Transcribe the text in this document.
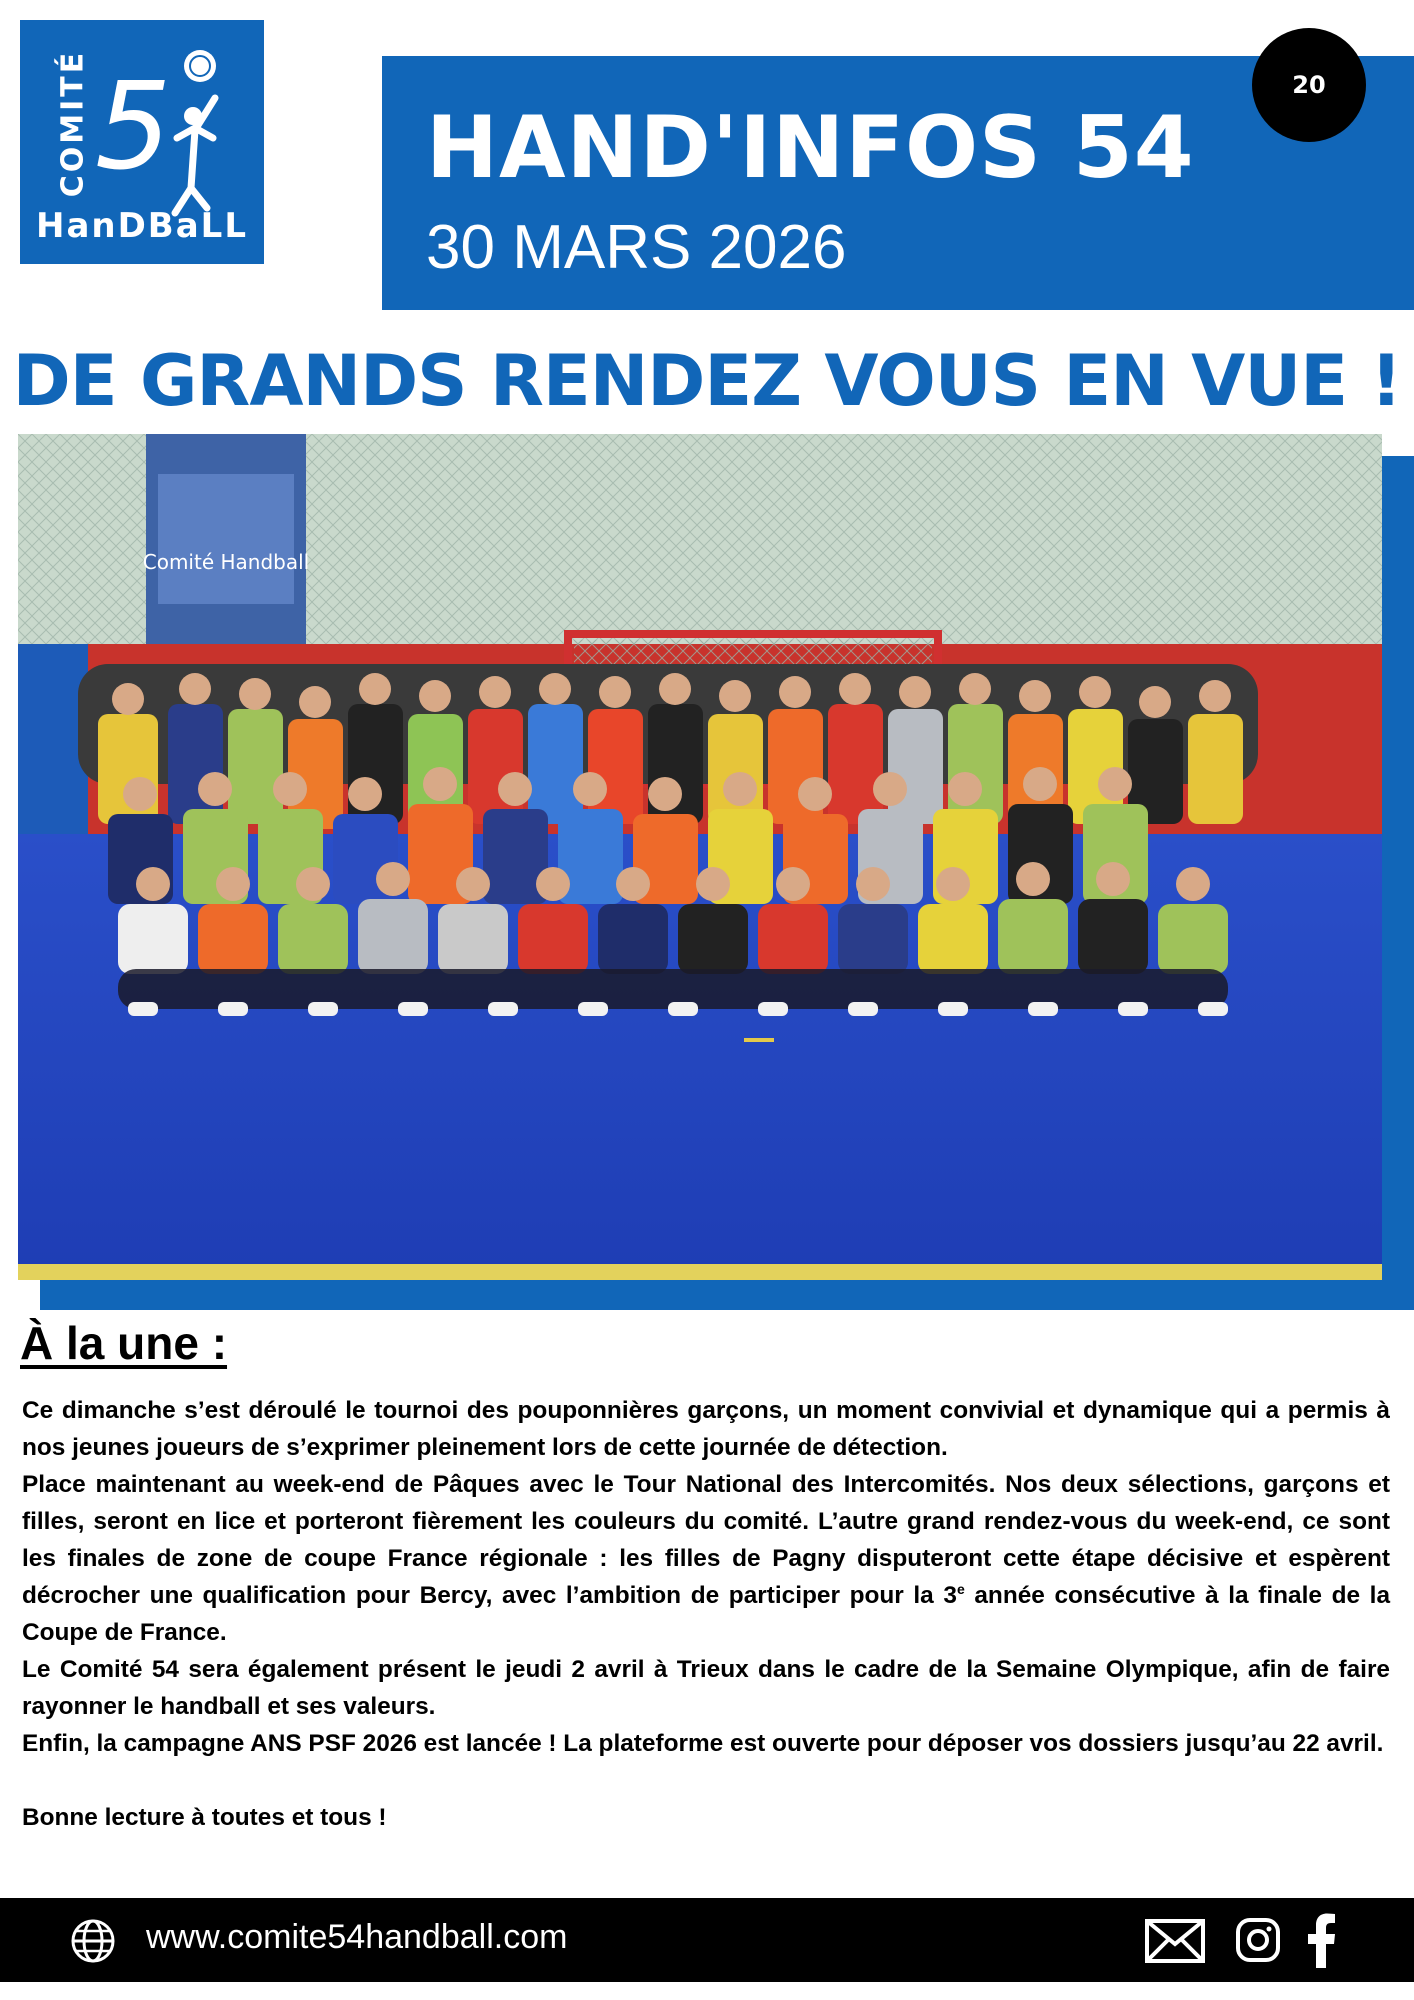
COMITÉ 5
HanDBaLL
HAND'INFOS 54
30 MARS 2026
20
DE GRANDS RENDEZ VOUS EN VUE !
Comité Handball
À la une :

Ce dimanche s’est déroulé le tournoi des pouponnières garçons, un moment convivial et dynamique qui a permis à nos jeunes joueurs de s’exprimer pleinement lors de cette journée de détection.

Place maintenant au week-end de Pâques avec le Tour National des Intercomités. Nos deux sélections, garçons et filles, seront en lice et porteront fièrement les couleurs du comité. L’autre grand rendez-vous du week-end, ce sont les finales de zone de coupe France régionale : les filles de Pagny disputeront cette étape décisive et espèrent décrocher une qualification pour Bercy, avec l’ambition de participer pour la 3e année consécutive à la finale de la Coupe de France.

Le Comité 54 sera également présent le jeudi 2 avril à Trieux dans le cadre de la Semaine Olympique, afin de faire rayonner le handball et ses valeurs.

Enfin, la campagne ANS PSF 2026 est lancée ! La plateforme est ouverte pour déposer vos dossiers jusqu’au 22 avril.

Bonne lecture à toutes et tous !

www.comite54handball.com
